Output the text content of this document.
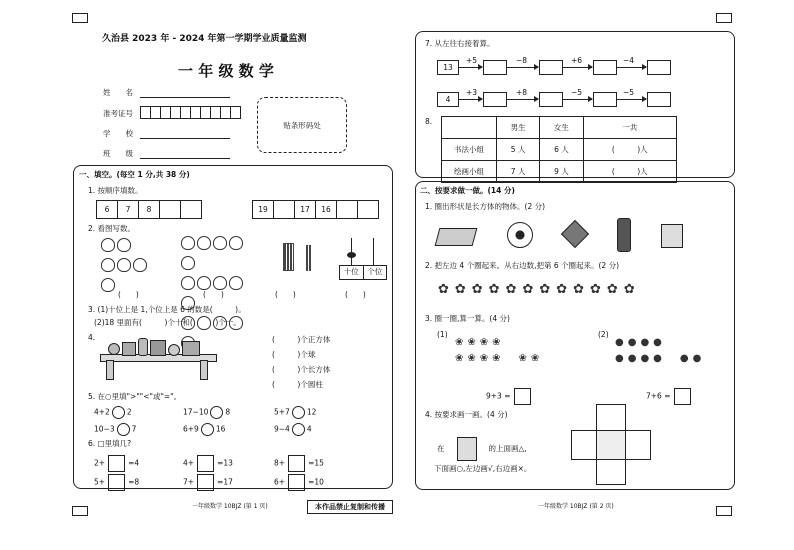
久治县 2023 年 - 2024 年第一学期学业质量监测
一 年 级 数 学
姓　　名
准考证号
学　　校
班　　级
贴条形码处
一、填空。(每空 1 分,共 38 分)
1. 按顺序填数。
6	7	8	19	17	16
2. 看图写数。

十位	个位
(　　)	(　　)	(　　)	(　　)
3. (1)十位上是 1,个位上是 6 的数是(　　　)。
(2)18 里面有(　　　)个十和(　　　)个一。
4.	(　　　)个正方体
(　　　)个球
(　　　)个长方体
(　　　)个圆柱
5. 在○里填">""<"或"="。
4+2 2	17−10 8	5+7 12
10−3 7	6+9 16	9−4 4
6. □里填几?
2+	=4	4+	=13	8+	=15
5+	=8	7+	=17	6+	=10
7. 从左往右接着算。
13
+5	−8	+6	−4
4
+3	+8	−5	−5
8.
	男生	女生	一共
书法小组	5 人	6 人	(　　　)人
绘画小组	7 人	9 人	(　　　)人
二、按要求做一做。(14 分)
1. 圈出形状是长方体的物体。(2 分)
2. 把左边 4 个圈起来。从右边数,把第 6 个圈起来。(2 分)
✿✿✿✿✿✿✿✿✿✿✿✿
3. 圈一圈,算一算。(4 分)
(1)
❀❀❀❀
❀❀❀❀ ❀❀
(2)
●●●●
●●●● ●●
9+3 =	7+6 =
4. 按要求画一画。(4 分)
在	的上面画△,
下面画○,左边画√,右边画×。
一年级数学 10BJZ (第 1 页)	本作品禁止复制和传播	一年级数学 10BJZ (第 2 页)
